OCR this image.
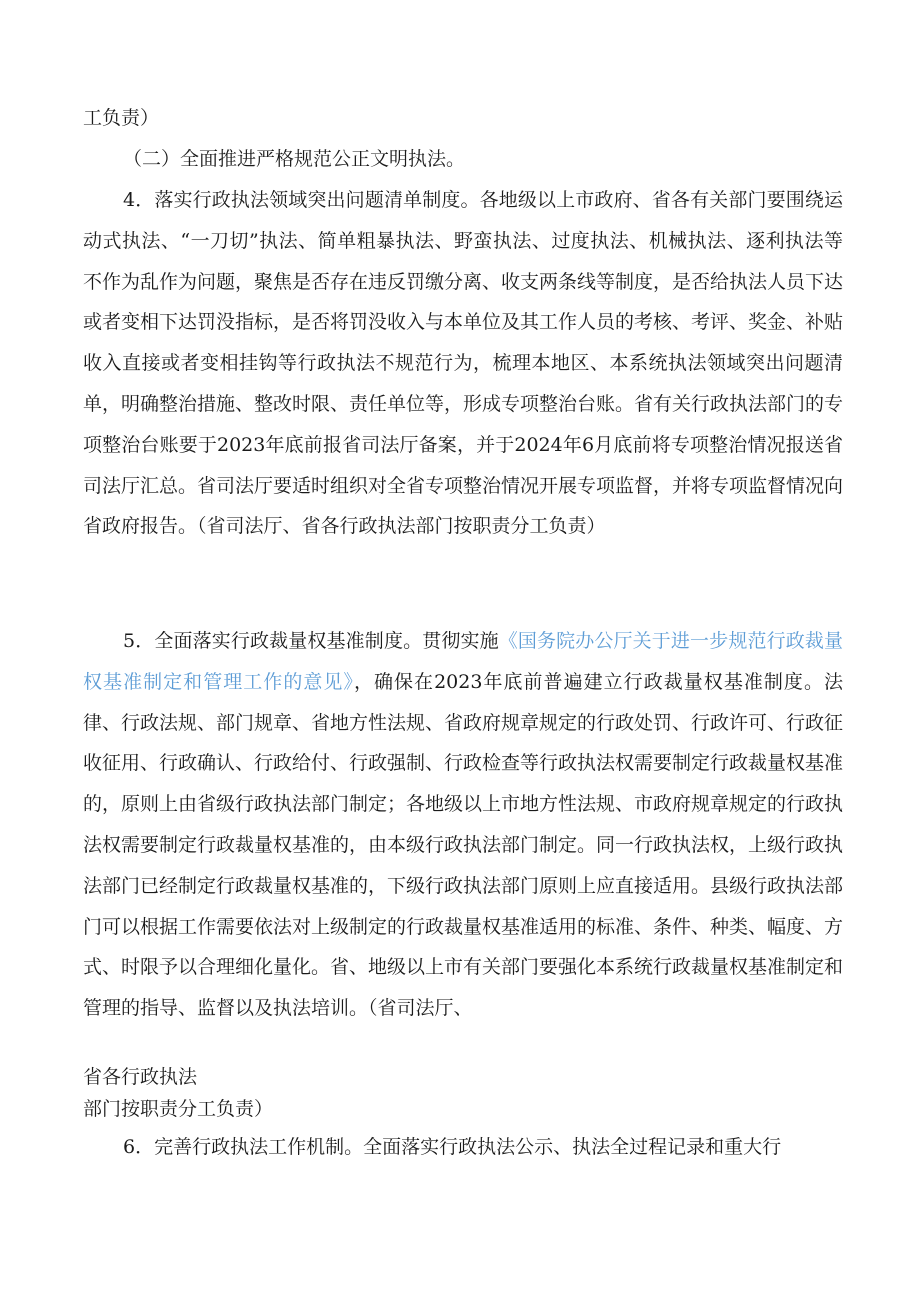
工负责）
（二）全面推进严格规范公正文明执法。
4．落实行政执法领域突出问题清单制度。各地级以上市政府、省各有关部门要围绕运动式执法、“一刀切”执法、简单粗暴执法、野蛮执法、过度执法、机械执法、逐利执法等不作为乱作为问题，聚焦是否存在违反罚缴分离、收支两条线等制度，是否给执法人员下达或者变相下达罚没指标，是否将罚没收入与本单位及其工作人员的考核、考评、奖金、补贴收入直接或者变相挂钩等行政执法不规范行为，梳理本地区、本系统执法领域突出问题清单，明确整治措施、整改时限、责任单位等，形成专项整治台账。省有关行政执法部门的专项整治台账要于2023年底前报省司法厅备案，并于2024年6月底前将专项整治情况报送省司法厅汇总。省司法厅要适时组织对全省专项整治情况开展专项监督，并将专项监督情况向省政府报告。（省司法厅、省各行政执法部门按职责分工负责）
5．全面落实行政裁量权基准制度。贯彻实施《国务院办公厅关于进一步规范行政裁量权基准制定和管理工作的意见》，确保在2023年底前普遍建立行政裁量权基准制度。法律、行政法规、部门规章、省地方性法规、省政府规章规定的行政处罚、行政许可、行政征收征用、行政确认、行政给付、行政强制、行政检查等行政执法权需要制定行政裁量权基准的，原则上由省级行政执法部门制定；各地级以上市地方性法规、市政府规章规定的行政执法权需要制定行政裁量权基准的，由本级行政执法部门制定。同一行政执法权，上级行政执法部门已经制定行政裁量权基准的，下级行政执法部门原则上应直接适用。县级行政执法部门可以根据工作需要依法对上级制定的行政裁量权基准适用的标准、条件、种类、幅度、方式、时限予以合理细化量化。省、地级以上市有关部门要强化本系统行政裁量权基准制定和管理的指导、监督以及执法培训。（省司法厅、
省各行政执法
部门按职责分工负责）
6．完善行政执法工作机制。全面落实行政执法公示、执法全过程记录和重大行
